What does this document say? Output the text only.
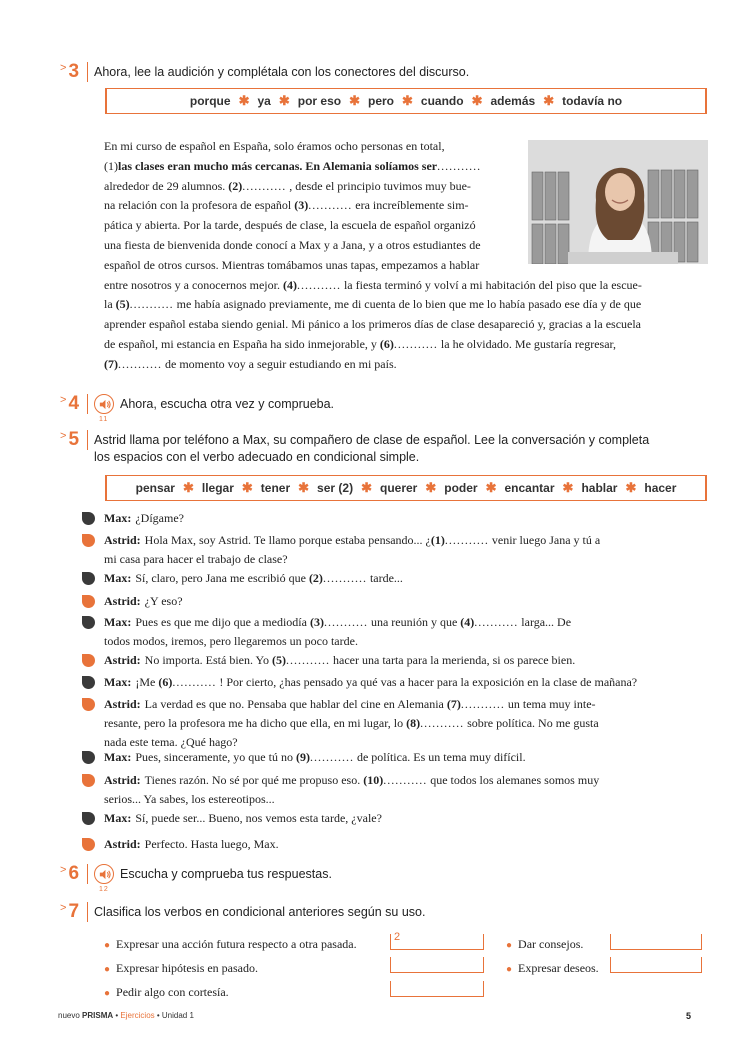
> 3	Ahora, lee la audición y complétala con los conectores del discurso.
porque ✱ ya ✱ por eso ✱ pero ✱ cuando ✱ además ✱ todavía no
En mi curso de español en España, solo éramos ocho personas en total,
(1)las clases eran mucho más cercanas. En Alemania solíamos ser...........
alrededor de 29 alumnos. (2)........... , desde el principio tuvimos muy bue-
na relación con la profesora de español (3)........... era increíblemente sim-
pática y abierta. Por la tarde, después de clase, la escuela de español organizó
una fiesta de bienvenida donde conocí a Max y a Jana, y a otros estudiantes de
español de otros cursos. Mientras tomábamos unas tapas, empezamos a hablar
entre nosotros y a conocernos mejor. (4)........... la fiesta terminó y volví a mi habitación del piso que la escue-
la (5)........... me había asignado previamente, me di cuenta de lo bien que me lo había pasado ese día y de que
aprender español estaba siendo genial. Mi pánico a los primeros días de clase desapareció y, gracias a la escuela
de español, mi estancia en España ha sido inmejorable, y (6)........... la he olvidado. Me gustaría regresar,
(7)........... de momento voy a seguir estudiando en mi país.
> 4
11
Ahora, escucha otra vez y comprueba.
> 5	Astrid llama por teléfono a Max, su compañero de clase de español. Lee la conversación y completa
los espacios con el verbo adecuado en condicional simple.
pensar ✱ llegar ✱ tener ✱ ser (2) ✱ querer ✱ poder ✱ encantar ✱ hablar ✱ hacer
Max: ¿Dígame?
Astrid: Hola Max, soy Astrid. Te llamo porque estaba pensando... ¿(1)........... venir luego Jana y tú a
mi casa para hacer el trabajo de clase?
Max: Sí, claro, pero Jana me escribió que (2)........... tarde...
Astrid: ¿Y eso?
Max: Pues es que me dijo que a mediodía (3)........... una reunión y que (4)........... larga... De
todos modos, iremos, pero llegaremos un poco tarde.
Astrid: No importa. Está bien. Yo (5)........... hacer una tarta para la merienda, si os parece bien.
Max: ¡Me (6)........... ! Por cierto, ¿has pensado ya qué vas a hacer para la exposición en la clase de mañana?
Astrid: La verdad es que no. Pensaba que hablar del cine en Alemania (7)........... un tema muy inte-
resante, pero la profesora me ha dicho que ella, en mi lugar, lo (8)........... sobre política. No me gusta
nada este tema. ¿Qué hago?
Max: Pues, sinceramente, yo que tú no (9)........... de política. Es un tema muy difícil.
Astrid: Tienes razón. No sé por qué me propuso eso. (10)........... que todos los alemanes somos muy
serios... Ya sabes, los estereotipos...
Max: Sí, puede ser... Bueno, nos vemos esta tarde, ¿vale?
Astrid: Perfecto. Hasta luego, Max.
> 6
12
Escucha y comprueba tus respuestas.
> 7	Clasifica los verbos en condicional anteriores según su uso.
● Expresar una acción futura respecto a otra pasada.	2
● Expresar hipótesis en pasado.
● Pedir algo con cortesía.
● Dar consejos.
● Expresar deseos.
nuevo PRISMA • Ejercicios • Unidad 1	5
